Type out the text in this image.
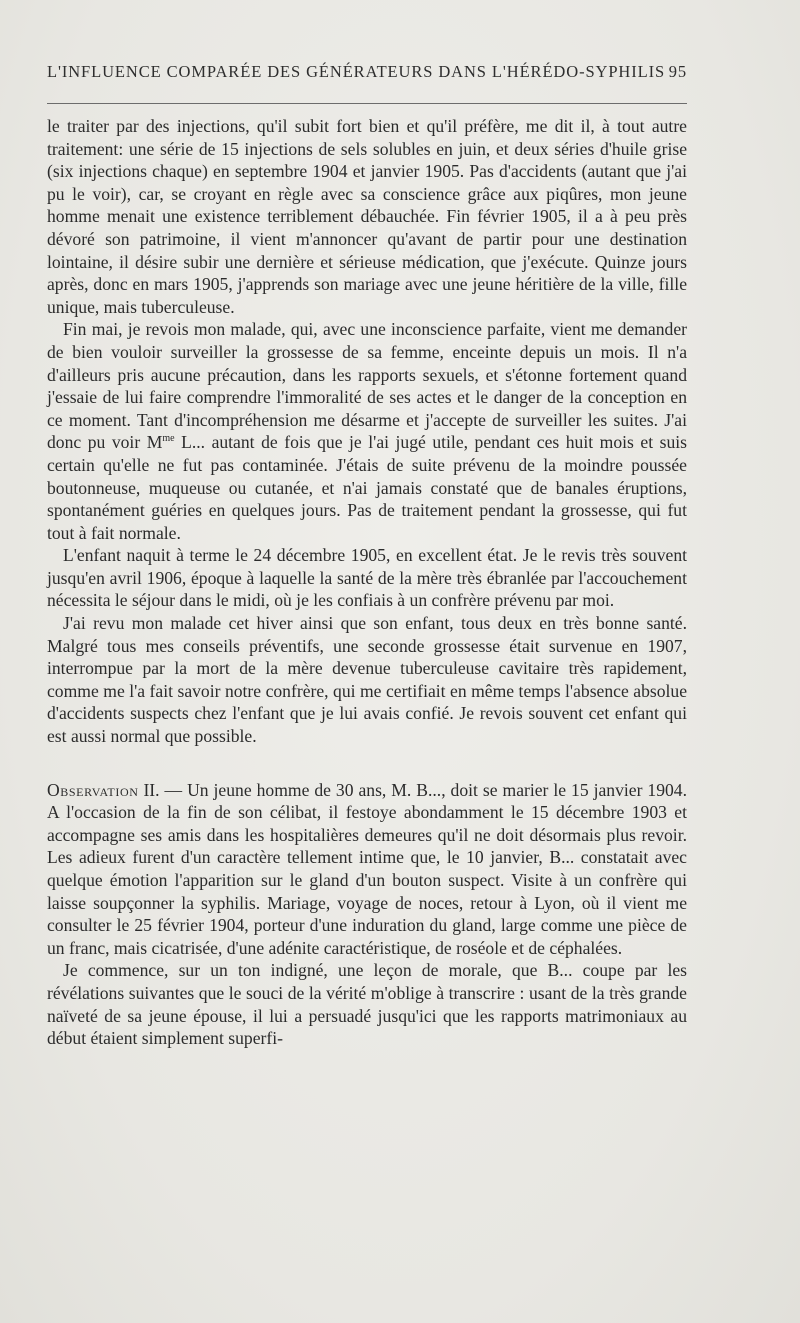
L'INFLUENCE COMPARÉE DES GÉNÉRATEURS DANS L'HÉRÉDO-SYPHILIS 95

le traiter par des injections, qu'il subit fort bien et qu'il préfère, me dit il, à tout autre traitement: une série de 15 injections de sels solubles en juin, et deux séries d'huile grise (six injections chaque) en septembre 1904 et janvier 1905. Pas d'accidents (autant que j'ai pu le voir), car, se croyant en règle avec sa conscience grâce aux piqûres, mon jeune homme menait une existence terriblement débauchée. Fin février 1905, il a à peu près dévoré son patrimoine, il vient m'annoncer qu'avant de partir pour une destination lointaine, il désire subir une dernière et sérieuse médication, que j'exécute. Quinze jours après, donc en mars 1905, j'apprends son mariage avec une jeune héritière de la ville, fille unique, mais tuberculeuse.

Fin mai, je revois mon malade, qui, avec une inconscience parfaite, vient me demander de bien vouloir surveiller la grossesse de sa femme, enceinte depuis un mois. Il n'a d'ailleurs pris aucune précaution, dans les rapports sexuels, et s'étonne fortement quand j'essaie de lui faire comprendre l'immoralité de ses actes et le danger de la conception en ce moment. Tant d'incompréhension me désarme et j'accepte de surveiller les suites. J'ai donc pu voir $M^{me}$ L... autant de fois que je l'ai jugé utile, pendant ces huit mois et suis certain qu'elle ne fut pas contaminée. J'étais de suite prévenu de la moindre poussée boutonneuse, muqueuse ou cutanée, et n'ai jamais constaté que de banales éruptions, spontanément guéries en quelques jours. Pas de traitement pendant la grossesse, qui fut tout à fait normale.

L'enfant naquit à terme le 24 décembre 1905, en excellent état. Je le revis très souvent jusqu'en avril 1906, époque à laquelle la santé de la mère très ébranlée par l'accouchement nécessita le séjour dans le midi, où je les confiais à un confrère prévenu par moi.

J'ai revu mon malade cet hiver ainsi que son enfant, tous deux en très bonne santé. Malgré tous mes conseils préventifs, une seconde grossesse était survenue en 1907, interrompue par la mort de la mère devenue tuberculeuse cavitaire très rapidement, comme me l'a fait savoir notre confrère, qui me certifiait en même temps l'absence absolue d'accidents suspects chez l'enfant que je lui avais confié. Je revois souvent cet enfant qui est aussi normal que possible.

Observation II. — Un jeune homme de 30 ans, M. B..., doit se marier le 15 janvier 1904. A l'occasion de la fin de son célibat, il festoye abondamment le 15 décembre 1903 et accompagne ses amis dans les hospitalières demeures qu'il ne doit désormais plus revoir. Les adieux furent d'un caractère tellement intime que, le 10 janvier, B... constatait avec quelque émotion l'apparition sur le gland d'un bouton suspect. Visite à un confrère qui laisse soupçonner la syphilis. Mariage, voyage de noces, retour à Lyon, où il vient me consulter le 25 février 1904, porteur d'une induration du gland, large comme une pièce de un franc, mais cicatrisée, d'une adénite caractéristique, de roséole et de céphalées.

Je commence, sur un ton indigné, une leçon de morale, que B... coupe par les révélations suivantes que le souci de la vérité m'oblige à transcrire : usant de la très grande naïveté de sa jeune épouse, il lui a persuadé jusqu'ici que les rapports matrimoniaux au début étaient simplement superfi-
